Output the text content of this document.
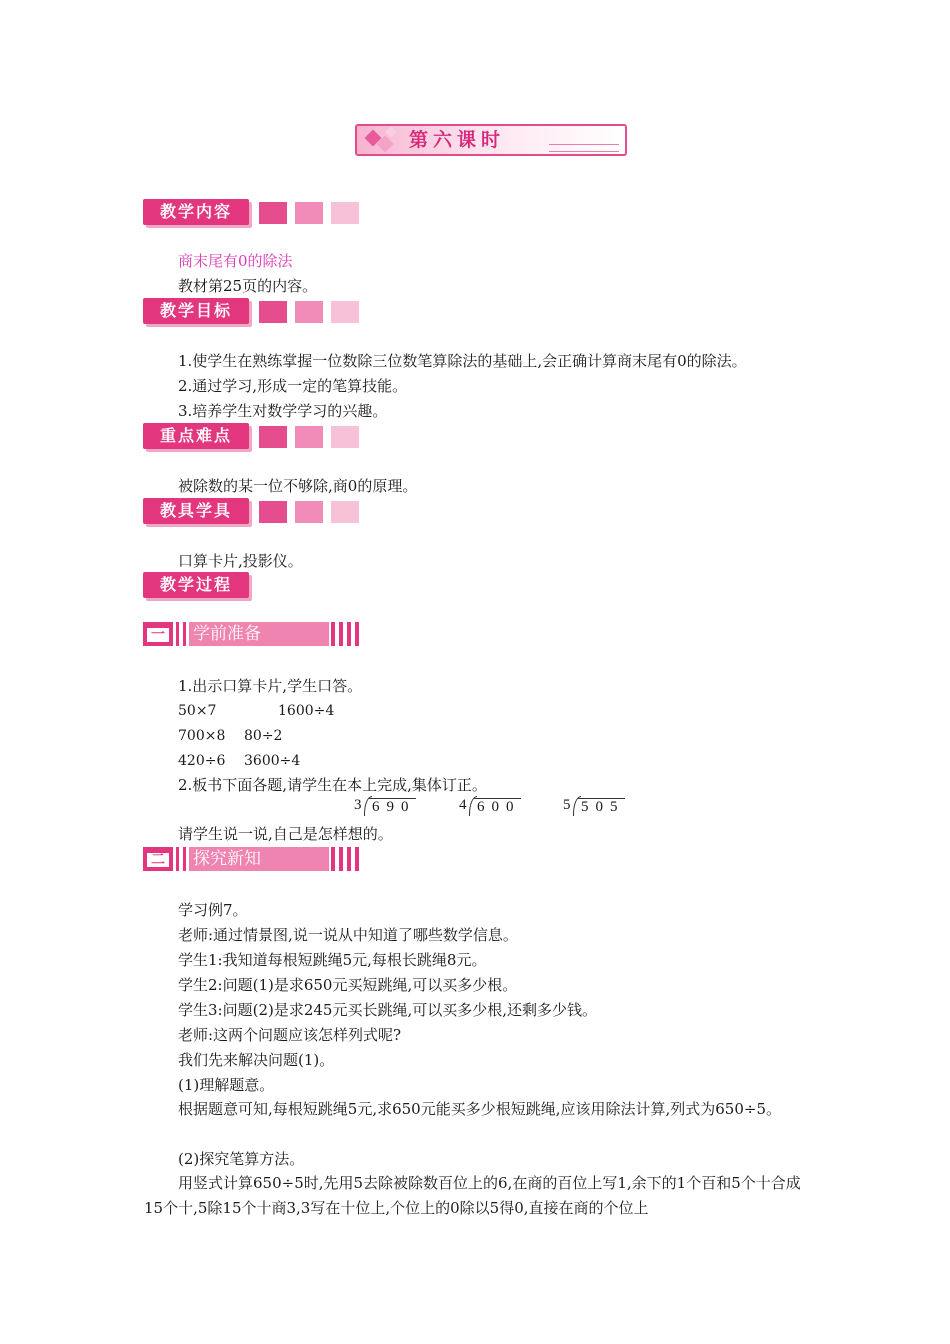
第六课时
教学内容
商末尾有0的除法
教材第25页的内容。
教学目标
1.使学生在熟练掌握一位数除三位数笔算除法的基础上,会正确计算商末尾有0的除法。
2.通过学习,形成一定的笔算技能。
3.培养学生对数学学习的兴趣。
重点难点
被除数的某一位不够除,商0的原理。
教具学具
口算卡片,投影仪。
教学过程
一	学前准备
1.出示口算卡片,学生口答。
50×7	1600÷4
700×8 80÷2
420÷6 3600÷4
2.板书下面各题,请学生在本上完成,集体订正。
3 690	4 600	5 505
请学生说一说,自己是怎样想的。
二	探究新知
学习例7。
老师:通过情景图,说一说从中知道了哪些数学信息。
学生1:我知道每根短跳绳5元,每根长跳绳8元。
学生2:问题(1)是求650元买短跳绳,可以买多少根。
学生3:问题(2)是求245元买长跳绳,可以买多少根,还剩多少钱。
老师:这两个问题应该怎样列式呢?
我们先来解决问题(1)。
(1)理解题意。
根据题意可知,每根短跳绳5元,求650元能买多少根短跳绳,应该用除法计算,列式为650÷5。
(2)探究笔算方法。
用竖式计算650÷5时,先用5去除被除数百位上的6,在商的百位上写1,余下的1个百和5个十合成15个十,5除15个十商3,3写在十位上,个位上的0除以5得0,直接在商的个位上
